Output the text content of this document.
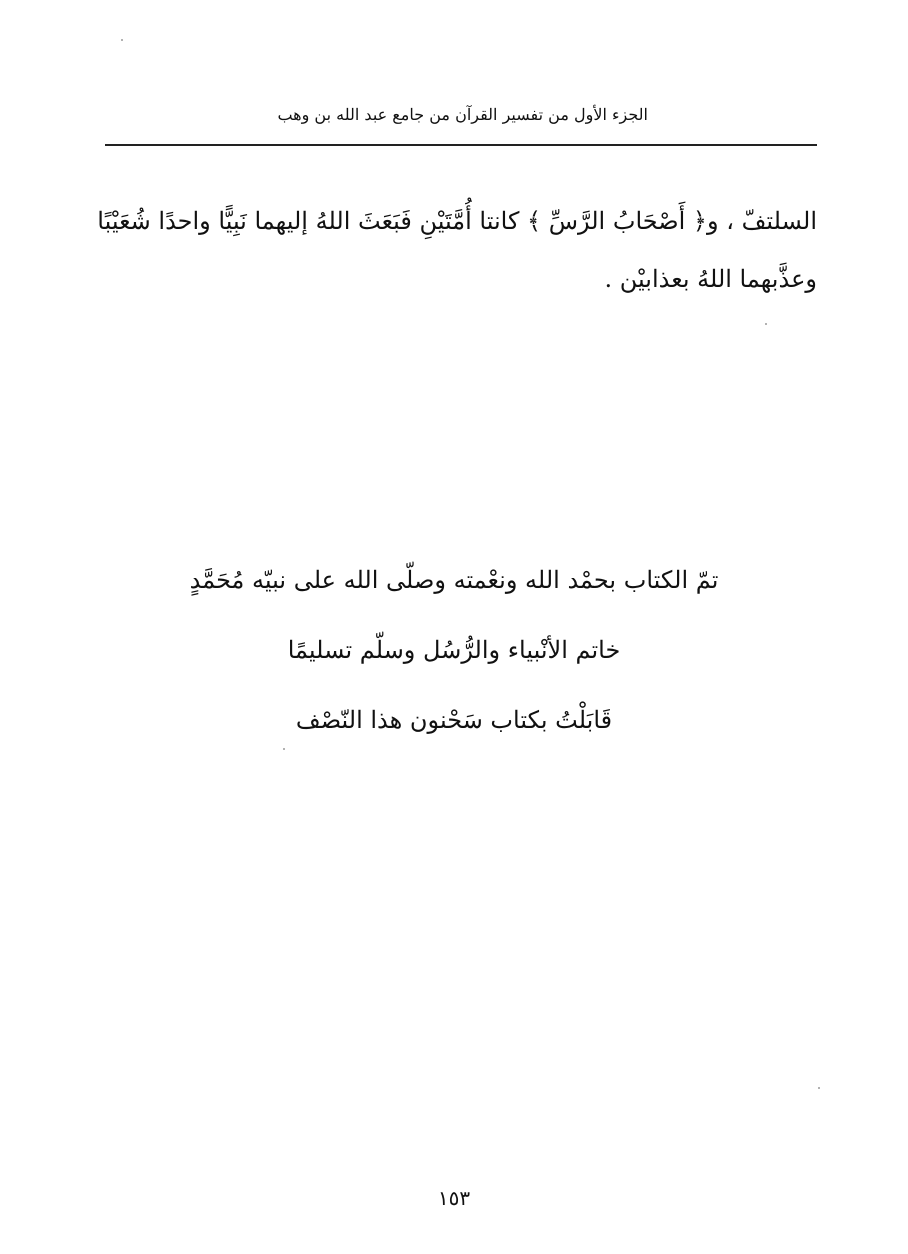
الجزء الأول من تفسير القرآن من جامع عبد الله بن وهب

السلتفّ ، و﴿ أَصْحَابُ الرَّسِّ ﴾ كانتا أُمَّتَيْنِ فَبَعَثَ اللهُ إليهما نَبِيًّا واحدًا شُعَيْبًا

وعذَّبهما اللهُ بعذابيْن .

تمّ الكتاب بحمْد الله ونعْمته وصلّى الله على نبيّه مُحَمَّدٍ

خاتم الأنْبياء والرُّسُل وسلّم تسليمًا

قَابَلْتُ بكتاب سَحْنون هذا النّصْف

١٥٣
